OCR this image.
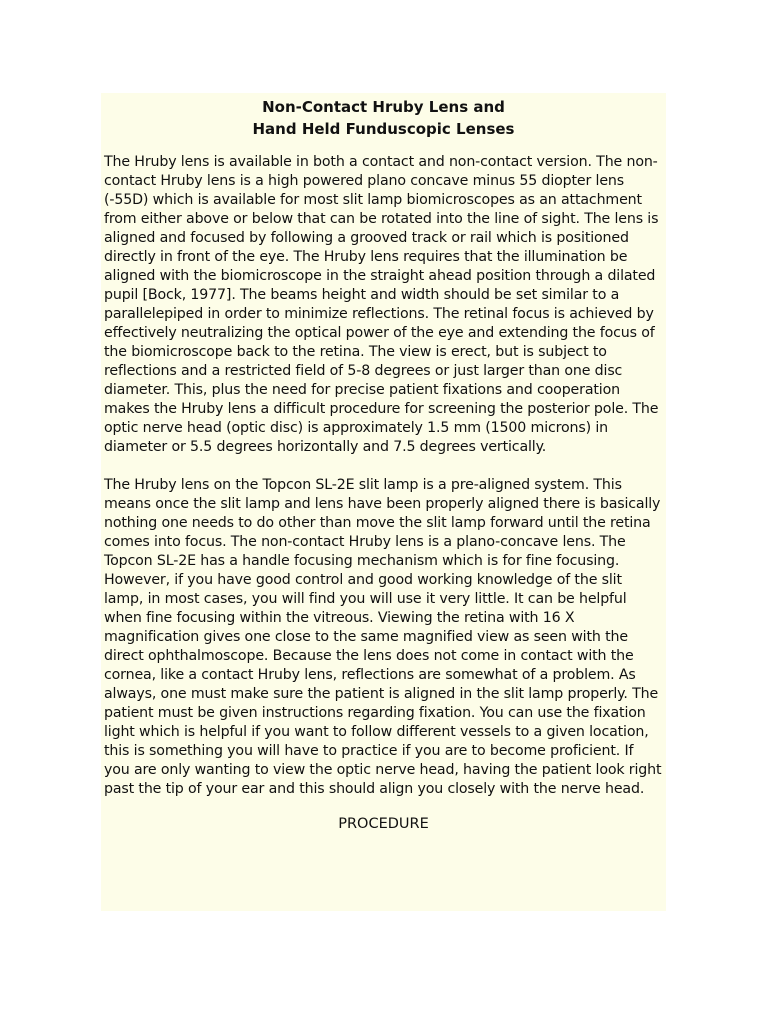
Non-Contact Hruby Lens and
Hand Held Funduscopic Lenses

The Hruby lens is available in both a contact and non-contact version. The non-contact Hruby lens is a high powered plano concave minus 55 diopter lens (-55D) which is available for most slit lamp biomicroscopes as an attachment from either above or below that can be rotated into the line of sight. The lens is aligned and focused by following a grooved track or rail which is positioned directly in front of the eye. The Hruby lens requires that the illumination be aligned with the biomicroscope in the straight ahead position through a dilated pupil [Bock, 1977]. The beams height and width should be set similar to a parallelepiped in order to minimize reflections. The retinal focus is achieved by effectively neutralizing the optical power of the eye and extending the focus of the biomicroscope back to the retina. The view is erect, but is subject to reflections and a restricted field of 5-8 degrees or just larger than one disc diameter. This, plus the need for precise patient fixations and cooperation makes the Hruby lens a difficult procedure for screening the posterior pole. The optic nerve head (optic disc) is approximately 1.5 mm (1500 microns) in diameter or 5.5 degrees horizontally and 7.5 degrees vertically.

The Hruby lens on the Topcon SL-2E slit lamp is a pre-aligned system. This means once the slit lamp and lens have been properly aligned there is basically nothing one needs to do other than move the slit lamp forward until the retina comes into focus. The non-contact Hruby lens is a plano-concave lens. The Topcon SL-2E has a handle focusing mechanism which is for fine focusing. However, if you have good control and good working knowledge of the slit lamp, in most cases, you will find you will use it very little. It can be helpful when fine focusing within the vitreous. Viewing the retina with 16 X magnification gives one close to the same magnified view as seen with the direct ophthalmoscope. Because the lens does not come in contact with the cornea, like a contact Hruby lens, reflections are somewhat of a problem. As always, one must make sure the patient is aligned in the slit lamp properly. The patient must be given instructions regarding fixation. You can use the fixation light which is helpful if you want to follow different vessels to a given location, this is something you will have to practice if you are to become proficient. If you are only wanting to view the optic nerve head, having the patient look right past the tip of your ear and this should align you closely with the nerve head.

PROCEDURE
